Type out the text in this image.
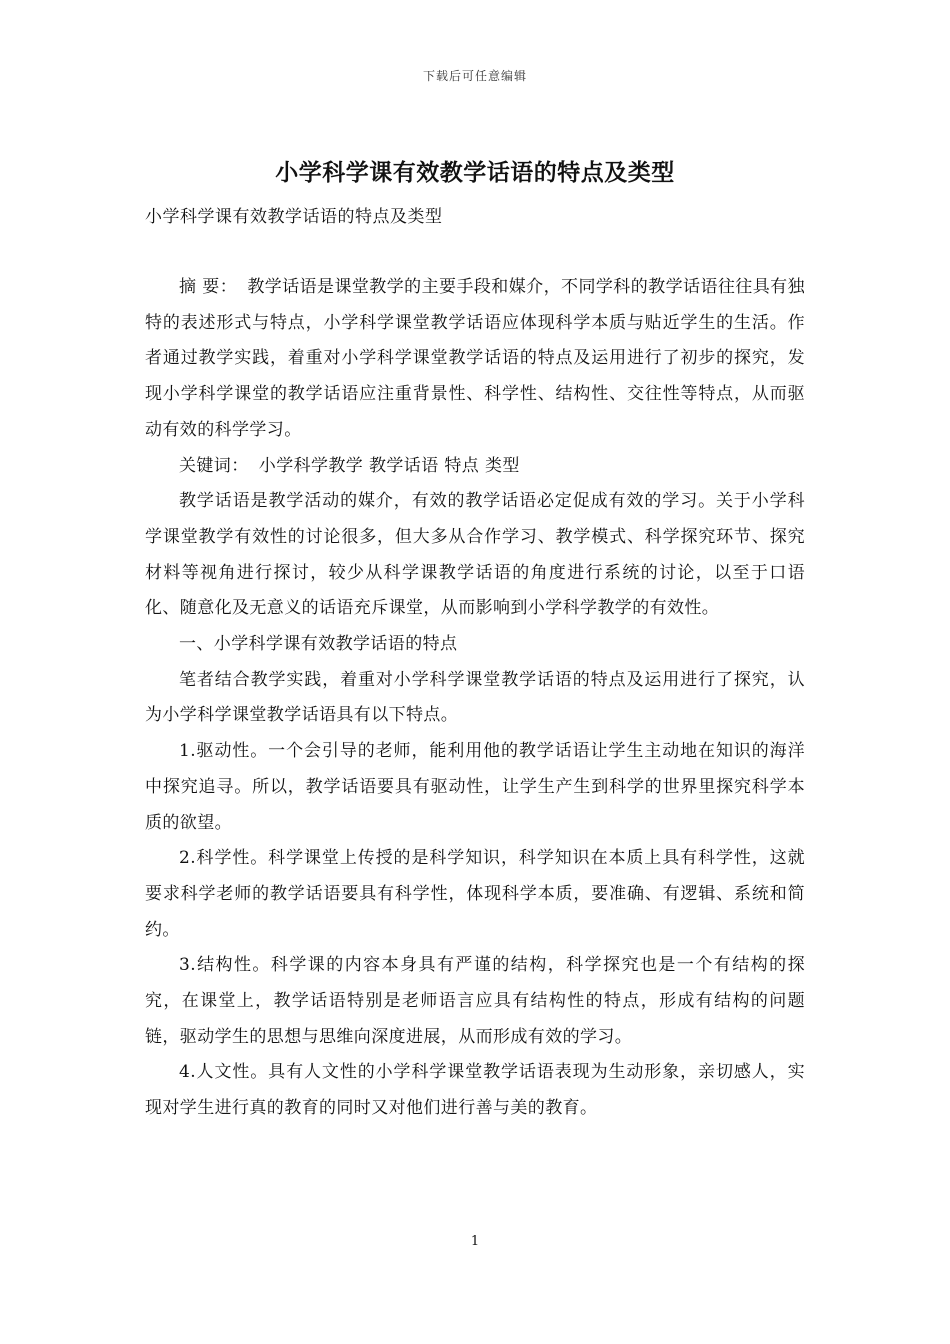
下载后可任意编辑
小学科学课有效教学话语的特点及类型
小学科学课有效教学话语的特点及类型

摘 要： 教学话语是课堂教学的主要手段和媒介，不同学科的教学话语往往具有独特的表述形式与特点，小学科学课堂教学话语应体现科学本质与贴近学生的生活。作者通过教学实践，着重对小学科学课堂教学话语的特点及运用进行了初步的探究，发现小学科学课堂的教学话语应注重背景性、科学性、结构性、交往性等特点，从而驱动有效的科学学习。

关键词： 小学科学教学 教学话语 特点 类型

教学话语是教学活动的媒介，有效的教学话语必定促成有效的学习。关于小学科学课堂教学有效性的讨论很多，但大多从合作学习、教学模式、科学探究环节、探究材料等视角进行探讨，较少从科学课教学话语的角度进行系统的讨论，以至于口语化、随意化及无意义的话语充斥课堂，从而影响到小学科学教学的有效性。

一、小学科学课有效教学话语的特点

笔者结合教学实践，着重对小学科学课堂教学话语的特点及运用进行了探究，认为小学科学课堂教学话语具有以下特点。

1.驱动性。一个会引导的老师，能利用他的教学话语让学生主动地在知识的海洋中探究追寻。所以，教学话语要具有驱动性，让学生产生到科学的世界里探究科学本质的欲望。

2.科学性。科学课堂上传授的是科学知识，科学知识在本质上具有科学性，这就要求科学老师的教学话语要具有科学性，体现科学本质，要准确、有逻辑、系统和简约。

3.结构性。科学课的内容本身具有严谨的结构，科学探究也是一个有结构的探究，在课堂上，教学话语特别是老师语言应具有结构性的特点，形成有结构的问题链，驱动学生的思想与思维向深度进展，从而形成有效的学习。

4.人文性。具有人文性的小学科学课堂教学话语表现为生动形象，亲切感人，实现对学生进行真的教育的同时又对他们进行善与美的教育。

1
